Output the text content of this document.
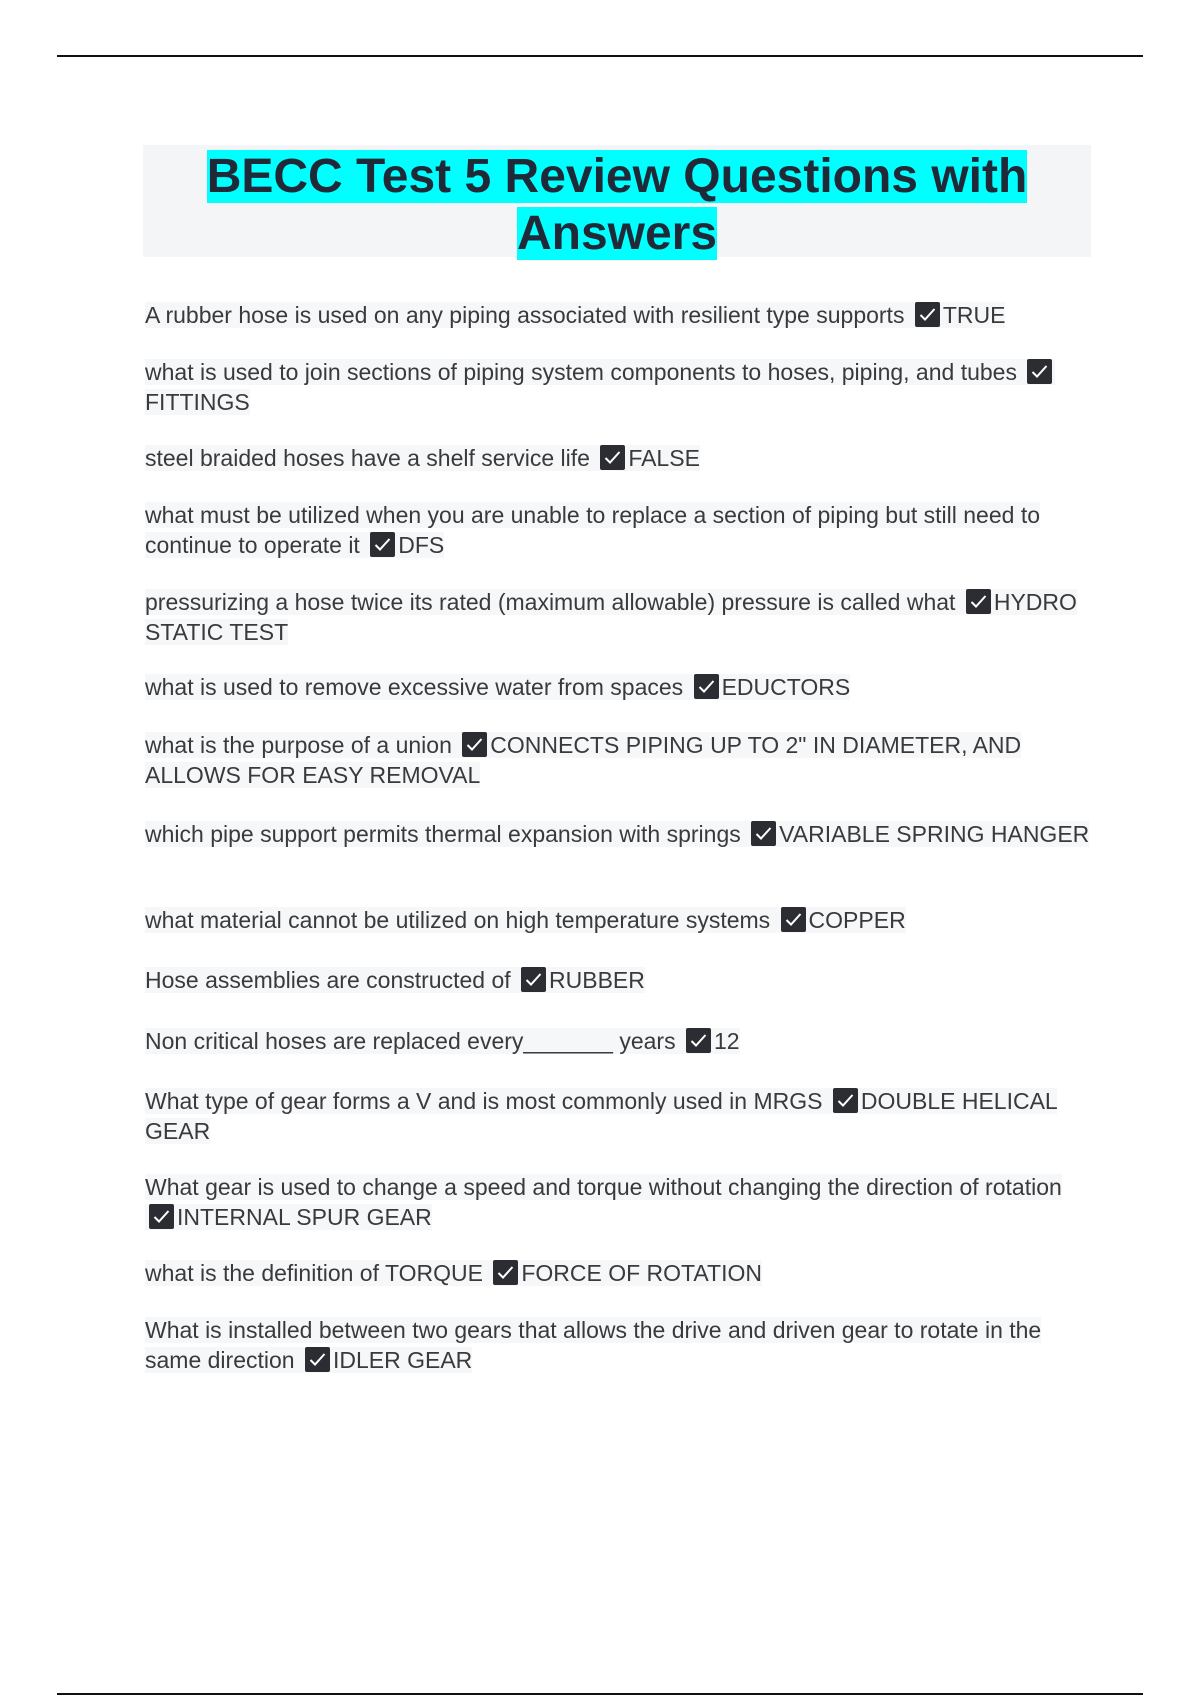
BECC Test 5 Review Questions with
Answers
A rubber hose is used on any piping associated with resilient type supports TRUE
what is used to join sections of piping system components to hoses, piping, and tubes
FITTINGS
steel braided hoses have a shelf service life FALSE
what must be utilized when you are unable to replace a section of piping but still need to continue to operate it DFS
pressurizing a hose twice its rated (maximum allowable) pressure is called what HYDRO STATIC TEST
what is used to remove excessive water from spaces EDUCTORS
what is the purpose of a union CONNECTS PIPING UP TO 2" IN DIAMETER, AND ALLOWS FOR EASY REMOVAL
which pipe support permits thermal expansion with springs VARIABLE SPRING HANGER
what material cannot be utilized on high temperature systems COPPER
Hose assemblies are constructed of RUBBER
Non critical hoses are replaced every_______ years 12
What type of gear forms a V and is most commonly used in MRGS DOUBLE HELICAL GEAR
What gear is used to change a speed and torque without changing the direction of rotation
INTERNAL SPUR GEAR
what is the definition of TORQUE FORCE OF ROTATION
What is installed between two gears that allows the drive and driven gear to rotate in the same direction IDLER GEAR
